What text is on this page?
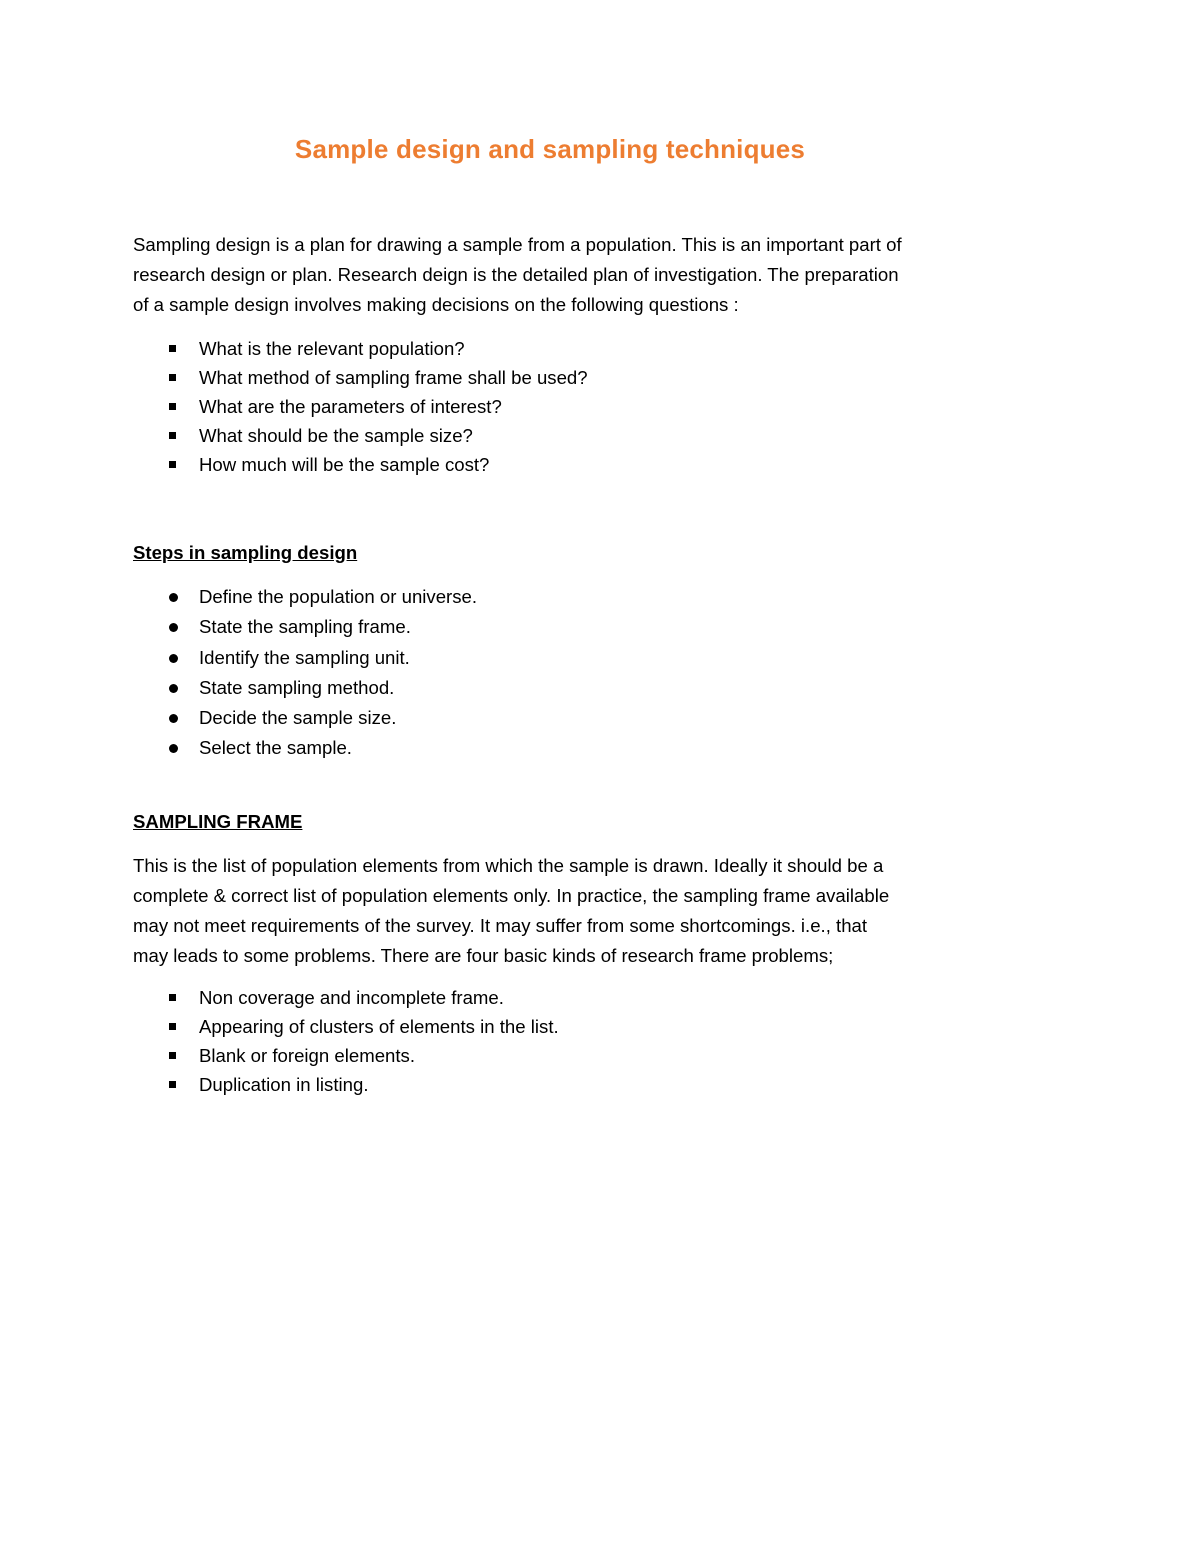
Sample design and sampling techniques
Sampling design is a plan for drawing a sample from a population. This is an important part of
research design or plan. Research deign is the detailed plan of investigation. The preparation
of a sample design involves making decisions on the following questions :
What is the relevant population?
What method of sampling frame shall be used?
What are the parameters of interest?
What should be the sample size?
How much will be the sample cost?
Steps in sampling design
Define the population or universe.
State the sampling frame.
Identify the sampling unit.
State sampling method.
Decide the sample size.
Select the sample.
SAMPLING FRAME
This is the list of population elements from which the sample is drawn. Ideally it should be a
complete & correct list of population elements only. In practice, the sampling frame available
may not meet requirements of the survey. It may suffer from some shortcomings. i.e., that
may leads to some problems. There are four basic kinds of research frame problems;
Non coverage and incomplete frame.
Appearing of clusters of elements in the list.
Blank or foreign elements.
Duplication in listing.
